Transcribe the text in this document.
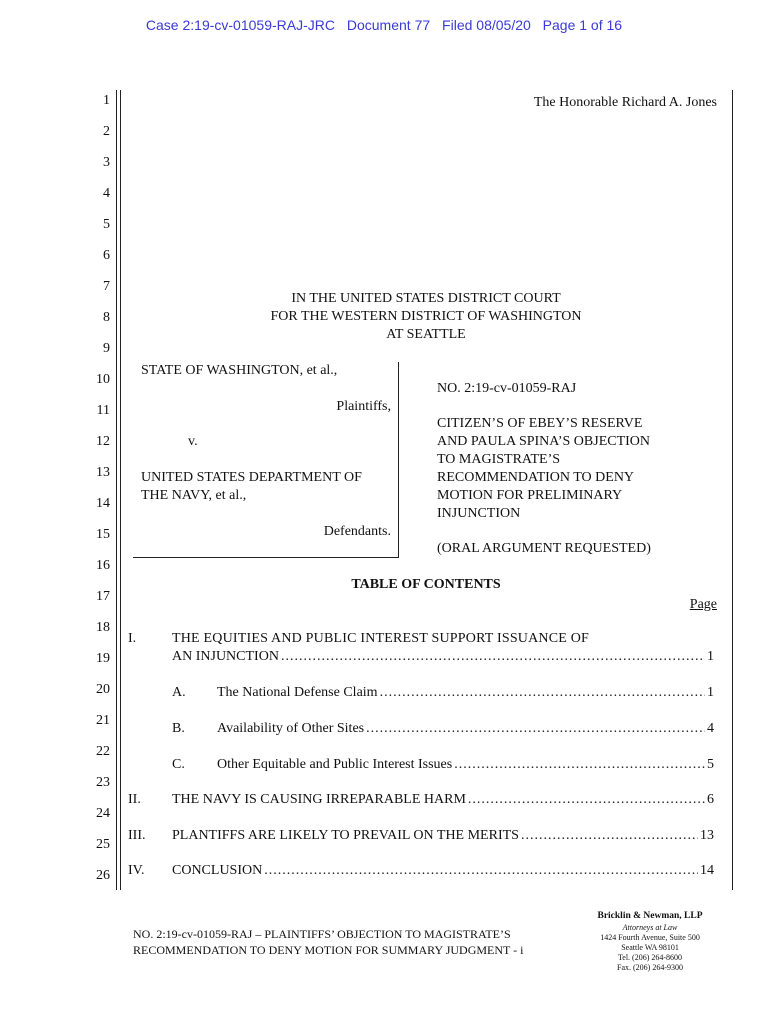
Case 2:19-cv-01059-RAJ-JRC Document 77 Filed 08/05/20 Page 1 of 16
1
2
3
4
5
6
7
8
9
10
11
12
13
14
15
16
17
18
19
20
21
22
23
24
25
26
The Honorable Richard A. Jones
IN THE UNITED STATES DISTRICT COURT
FOR THE WESTERN DISTRICT OF WASHINGTON
AT SEATTLE
STATE OF WASHINGTON, et al.,
Plaintiffs,
v.
UNITED STATES DEPARTMENT OF
THE NAVY, et al.,
Defendants.
NO. 2:19-cv-01059-RAJ
CITIZEN’S OF EBEY’S RESERVE
AND PAULA SPINA’S OBJECTION
TO MAGISTRATE’S
RECOMMENDATION TO DENY
MOTION FOR PRELIMINARY
INJUNCTION
(ORAL ARGUMENT REQUESTED)
TABLE OF CONTENTS
Page
I.	THE EQUITIES AND PUBLIC INTEREST SUPPORT ISSUANCE OF
AN INJUNCTION .....	1
A. The National Defense Claim .....	1
B. Availability of Other Sites .....	4
C. Other Equitable and Public Interest Issues .....	5
II. THE NAVY IS CAUSING IRREPARABLE HARM .....	6
III. PLANTIFFS ARE LIKELY TO PREVAIL ON THE MERITS .....	13
IV. CONCLUSION .....	14
NO. 2:19-cv-01059-RAJ – PLAINTIFFS’ OBJECTION TO MAGISTRATE’S
RECOMMENDATION TO DENY MOTION FOR SUMMARY JUDGMENT - i
Bricklin & Newman, LLP
Attorneys at Law
1424 Fourth Avenue, Suite 500
Seattle WA 98101
Tel. (206) 264-8600
Fax. (206) 264-9300
